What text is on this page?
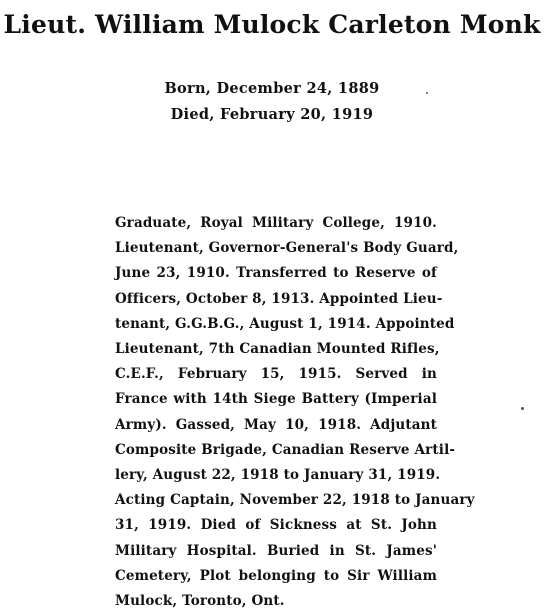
Lieut. William Mulock Carleton Monk
Born, December 24, 1889
Died, February 20, 1919
Graduate, Royal Military College, 1910.
Lieutenant, Governor-General's Body Guard,
June 23, 1910. Transferred to Reserve of
Officers, October 8, 1913. Appointed Lieu-
tenant, G.G.B.G., August 1, 1914. Appointed
Lieutenant, 7th Canadian Mounted Rifles,
C.E.F., February 15, 1915. Served in
France with 14th Siege Battery (Imperial
Army). Gassed, May 10, 1918. Adjutant
Composite Brigade, Canadian Reserve Artil-
lery, August 22, 1918 to January 31, 1919.
Acting Captain, November 22, 1918 to January
31, 1919. Died of Sickness at St. John
Military Hospital. Buried in St. James'
Cemetery, Plot belonging to Sir William
Mulock, Toronto, Ont.
